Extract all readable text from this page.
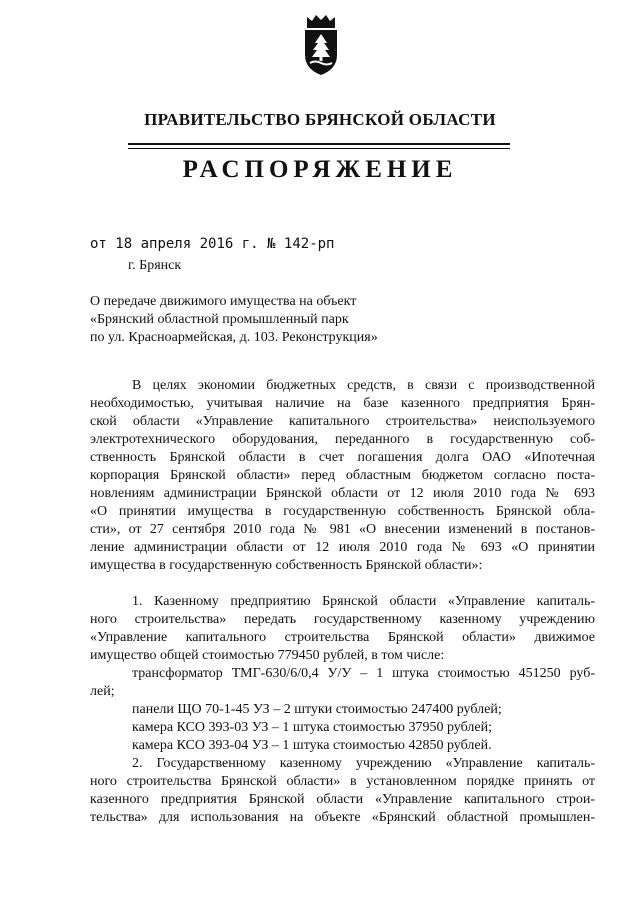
ПРАВИТЕЛЬСТВО БРЯНСКОЙ ОБЛАСТИ
РАСПОРЯЖЕНИЕ
от 18 апреля 2016 г. № 142-рп
г. Брянск
О передаче движимого имущества на объект
«Брянский областной промышленный парк
по ул. Красноармейская, д. 103. Реконструкция»
В целях экономии бюджетных средств, в связи с производственной
необходимостью, учитывая наличие на базе казенного предприятия Брян-
ской области «Управление капитального строительства» неиспользуемого
электротехнического оборудования, переданного в государственную соб-
ственность Брянской области в счет погашения долга ОАО «Ипотечная
корпорация Брянской области» перед областным бюджетом согласно поста-
новлениям администрации Брянской области от 12 июля 2010 года № 693
«О принятии имущества в государственную собственность Брянской обла-
сти», от 27 сентября 2010 года № 981 «О внесении изменений в постанов-
ление администрации области от 12 июля 2010 года № 693 «О принятии
имущества в государственную собственность Брянской области»:
1. Казенному предприятию Брянской области «Управление капиталь-
ного строительства» передать государственному казенному учреждению
«Управление капитального строительства Брянской области» движимое
имущество общей стоимостью 779450 рублей, в том числе:
трансформатор ТМГ-630/6/0,4 У/У – 1 штука стоимостью 451250 руб-
лей;
панели ЩО 70-1-45 УЗ – 2 штуки стоимостью 247400 рублей;
камера КСО 393-03 УЗ – 1 штука стоимостью 37950 рублей;
камера КСО 393-04 УЗ – 1 штука стоимостью 42850 рублей.
2. Государственному казенному учреждению «Управление капиталь-
ного строительства Брянской области» в установленном порядке принять от
казенного предприятия Брянской области «Управление капитального строи-
тельства» для использования на объекте «Брянский областной промышлен-
